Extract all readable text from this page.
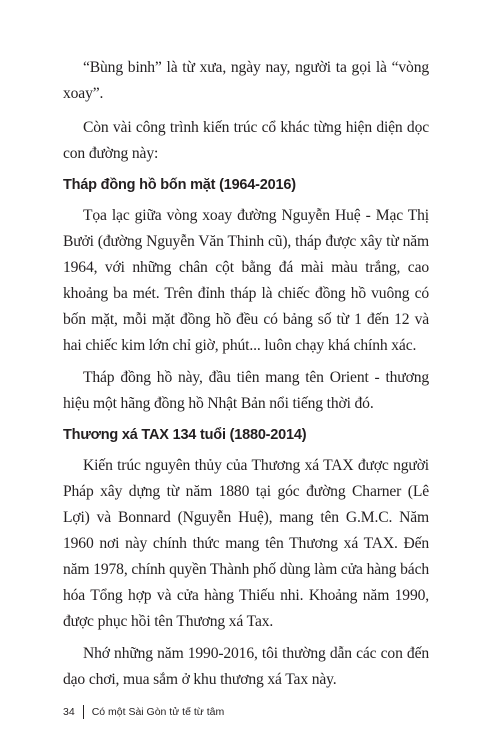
“Bùng binh” là từ xưa, ngày nay, người ta gọi là “vòng xoay”.

Còn vài công trình kiến trúc cổ khác từng hiện diện dọc con đường này:

Tháp đồng hồ bốn mặt (1964-2016)

Tọa lạc giữa vòng xoay đường Nguyễn Huệ - Mạc Thị Bưởi (đường Nguyễn Văn Thinh cũ), tháp được xây từ năm 1964, với những chân cột bằng đá mài màu trắng, cao khoảng ba mét. Trên đỉnh tháp là chiếc đồng hồ vuông có bốn mặt, mỗi mặt đồng hồ đều có bảng số từ 1 đến 12 và hai chiếc kim lớn chỉ giờ, phút... luôn chạy khá chính xác.

Tháp đồng hồ này, đầu tiên mang tên Orient - thương hiệu một hãng đồng hồ Nhật Bản nổi tiếng thời đó.

Thương xá TAX 134 tuổi (1880-2014)

Kiến trúc nguyên thủy của Thương xá TAX được người Pháp xây dựng từ năm 1880 tại góc đường Charner (Lê Lợi) và Bonnard (Nguyễn Huệ), mang tên G.M.C. Năm 1960 nơi này chính thức mang tên Thương xá TAX. Đến năm 1978, chính quyền Thành phố dùng làm cửa hàng bách hóa Tổng hợp và cửa hàng Thiếu nhi. Khoảng năm 1990, được phục hồi tên Thương xá Tax.

Nhớ những năm 1990-2016, tôi thường dẫn các con đến dạo chơi, mua sắm ở khu thương xá Tax này.

34 Có một Sài Gòn tử tế từ tâm
